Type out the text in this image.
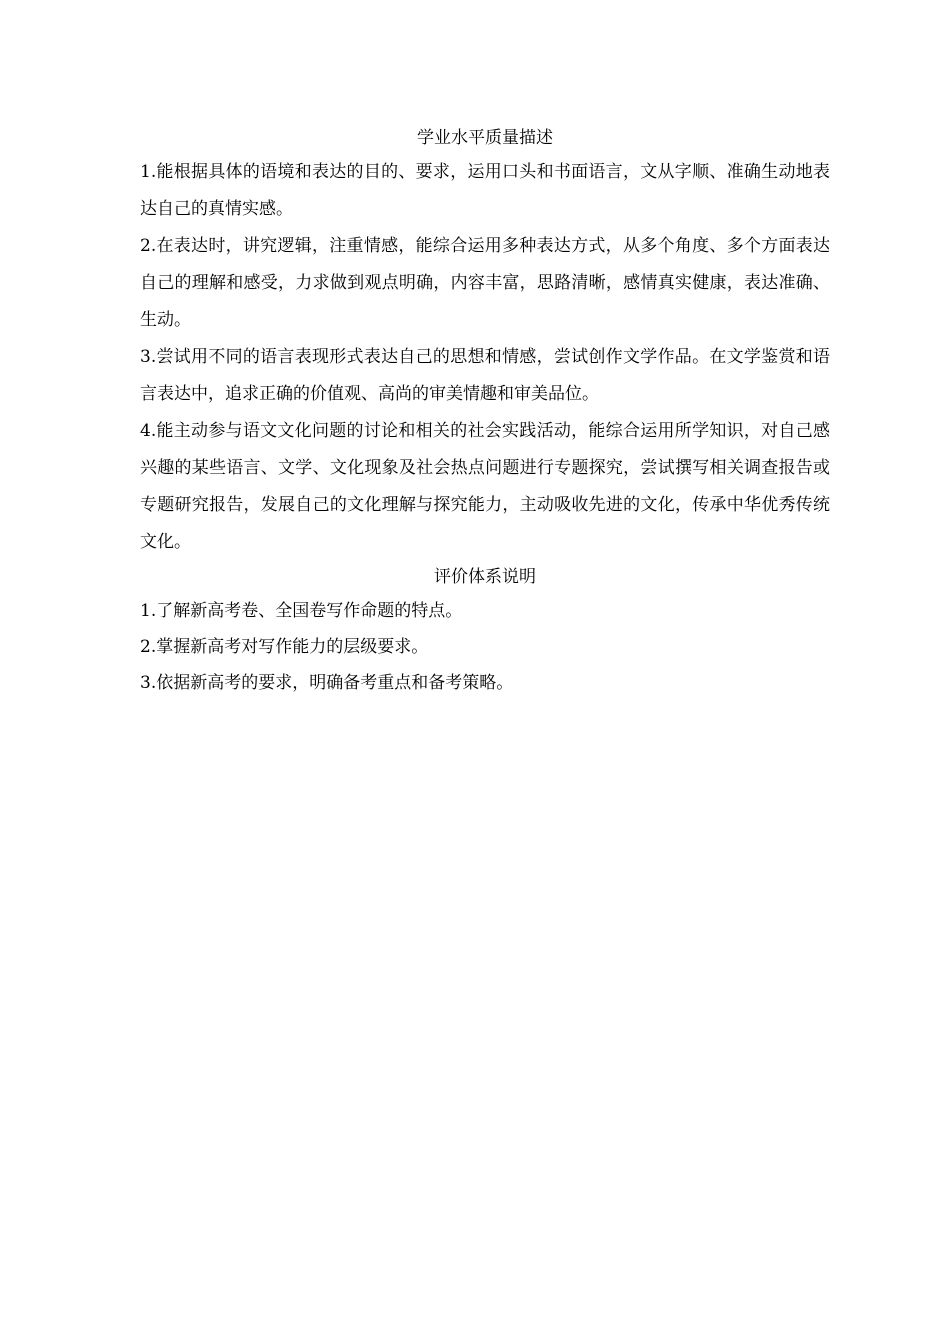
学业水平质量描述

1.能根据具体的语境和表达的目的、要求，运用口头和书面语言，文从字顺、准确生动地表达自己的真情实感。

2.在表达时，讲究逻辑，注重情感，能综合运用多种表达方式，从多个角度、多个方面表达自己的理解和感受，力求做到观点明确，内容丰富，思路清晰，感情真实健康，表达准确、生动。

3.尝试用不同的语言表现形式表达自己的思想和情感，尝试创作文学作品。在文学鉴赏和语言表达中，追求正确的价值观、高尚的审美情趣和审美品位。

4.能主动参与语文文化问题的讨论和相关的社会实践活动，能综合运用所学知识，对自己感兴趣的某些语言、文学、文化现象及社会热点问题进行专题探究，尝试撰写相关调查报告或专题研究报告，发展自己的文化理解与探究能力，主动吸收先进的文化，传承中华优秀传统文化。

评价体系说明

1.了解新高考卷、全国卷写作命题的特点。

2.掌握新高考对写作能力的层级要求。

3.依据新高考的要求，明确备考重点和备考策略。
